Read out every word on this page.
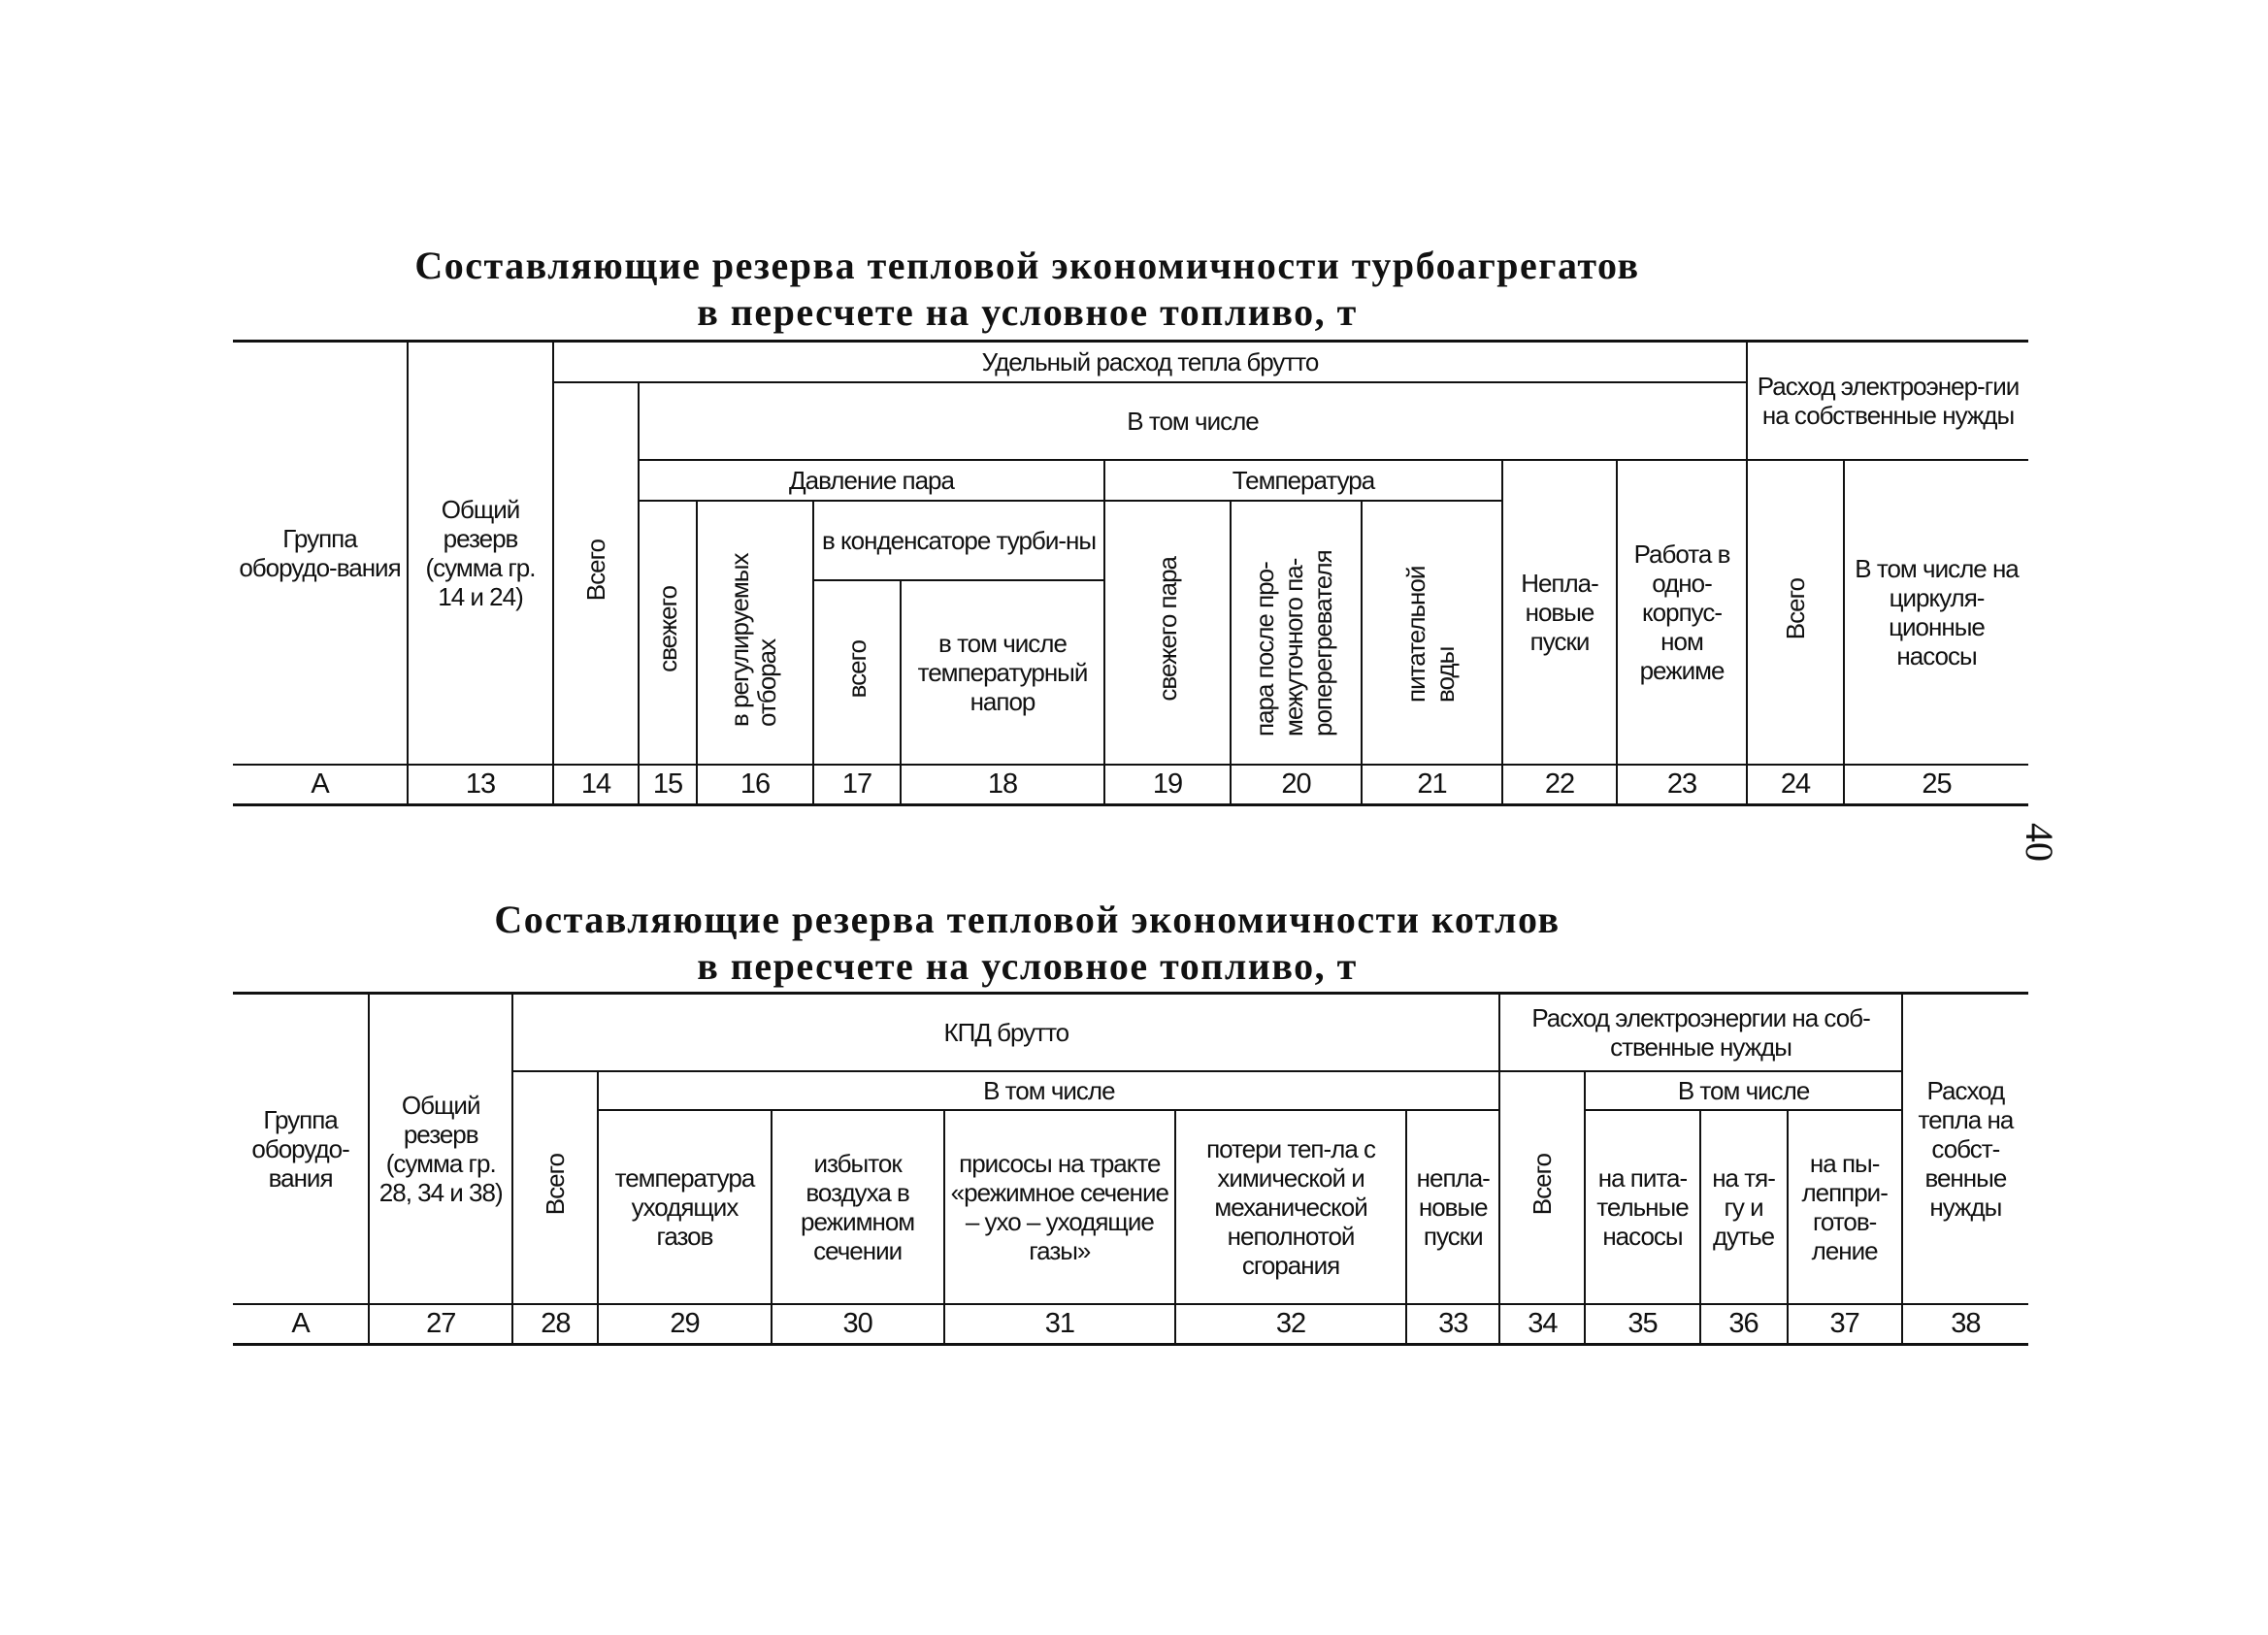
Составляющие резерва тепловой экономичности турбоагрегатов
в пересчете на условное топливо, т
Группа оборудо-вания	Общий резерв (сумма гр. 14 и 24)	Удельный расход тепла брутто										Расход электроэнер-гии на собственные нужды	
		Всего	В том числе										
			Давление пара				Температура			Непла-новые пуски	Работа в одно-корпус-ном режиме	Всего	В том числе на циркуля-ционные насосы
			свежего	в регулируемых отборах	в конденсаторе турби-ны		свежего пара	пара после про-межуточного па-роперегревателя	питательной воды				
					всего	в том числе температурный напор							

А	13	14	15	16	17	18	19	20	21	22	23	24	25
40
Составляющие резерва тепловой экономичности котлов
в пересчете на условное топливо, т
Группа оборудо-вания	Общий резерв (сумма гр. 28, 34 и 38)	КПД брутто						Расход электроэнергии на соб-ственные нужды				Расход тепла на собст-венные нужды
		Всего	В том числе					Всего	В том числе			
			температура уходящих газов	избыток воздуха в режимном сечении	присосы на тракте «режимное сечение – ухо – уходящие газы»	потери теп-ла с химической и механической неполнотой сгорания	непла-новые пуски		на пита-тельные насосы	на тя-гу и дутье	на пы-леппри-готов-ление	
А	27	28	29	30	31	32	33	34	35	36	37	38
